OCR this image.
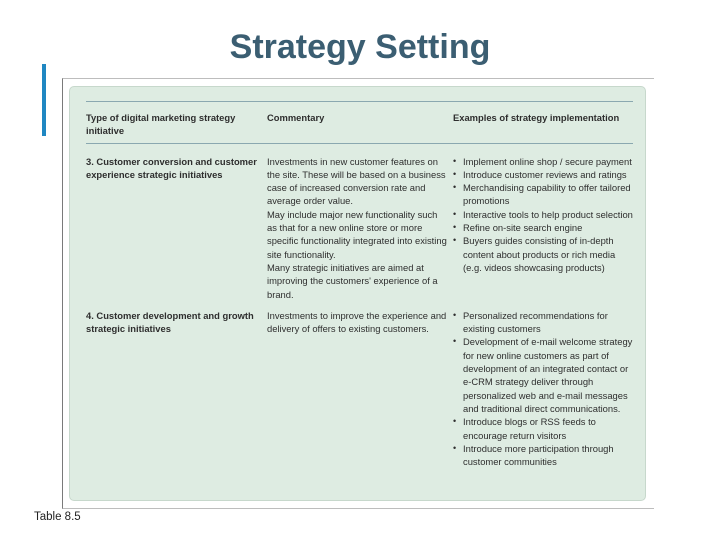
Strategy Setting
Type of digital marketing strategy initiative
Commentary	Examples of strategy implementation
3. Customer conversion and customer experience strategic initiatives
Investments in new customer features on the site. These will be based on a business case of increased conversion rate and average order value.
May include major new functionality such as that for a new online store or more specific functionality integrated into existing site functionality.
Many strategic initiatives are aimed at improving the customers' experience of a brand.
• Implement online shop / secure payment
• Introduce customer reviews and ratings
• Merchandising capability to offer tailored promotions
• Interactive tools to help product selection
• Refine on-site search engine
• Buyers guides consisting of in-depth content about products or rich media (e.g. videos showcasing products)
4. Customer development and growth strategic initiatives
Investments to improve the experience and delivery of offers to existing customers.
• Personalized recommendations for existing customers
• Development of e-mail welcome strategy for new online customers as part of development of an integrated contact or e-CRM strategy deliver through personalized web and e-mail messages and traditional direct communications.
• Introduce blogs or RSS feeds to encourage return visitors
• Introduce more participation through customer communities
Table 8.5
